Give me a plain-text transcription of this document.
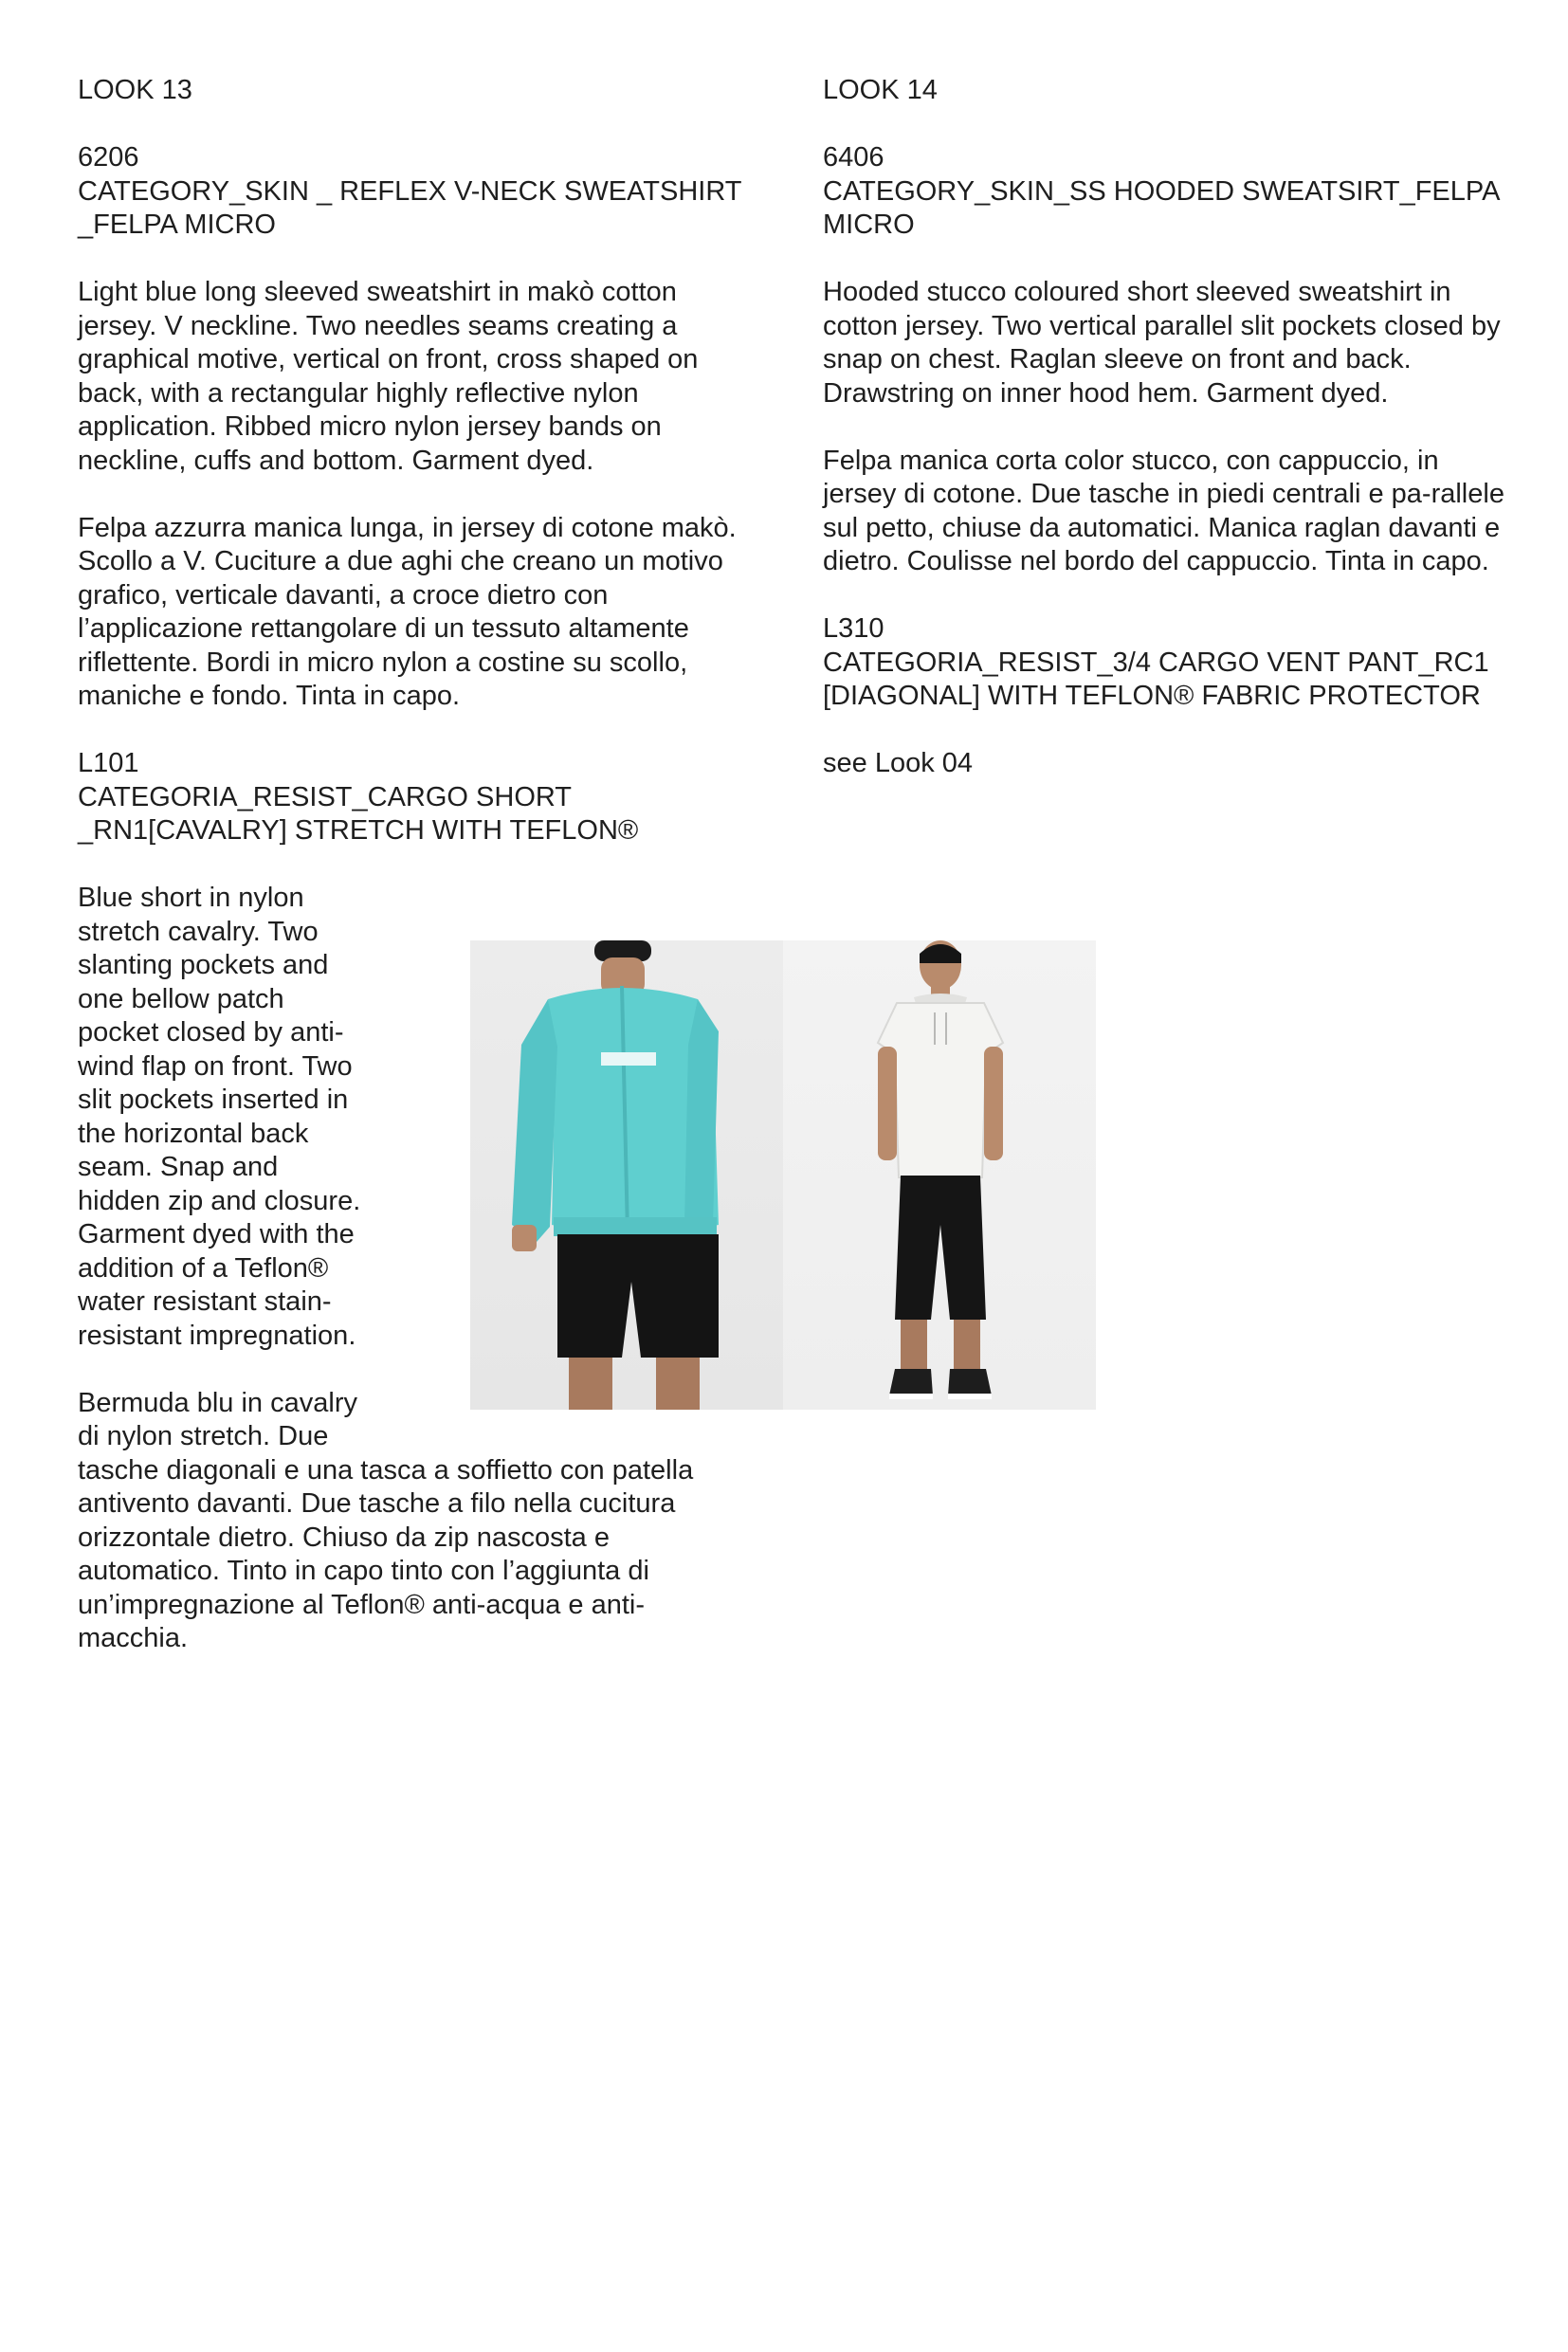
LOOK 13

6206

CATEGORY_SKIN _ REFLEX V-NECK SWEATSHIRT _FELPA MICRO

Light blue long sleeved sweatshirt in makò cotton jersey. V neckline. Two needles seams creating a graphical motive, vertical on front, cross shaped on back, with a rectangular highly reflective nylon application. Ribbed micro nylon jersey bands on neckline, cuffs and bottom. Garment dyed.

Felpa azzurra manica lunga, in jersey di cotone makò. Scollo a V. Cuciture a due aghi che creano un motivo grafico, verticale davanti, a croce dietro con l’applicazione rettangolare di un tessuto altamente riflettente. Bordi in micro nylon a costine su scollo, maniche e fondo. Tinta in capo.

L101

CATEGORIA_RESIST_CARGO SHORT _RN1[CAVALRY] STRETCH WITH TEFLON®

Blue short in nylon stretch cavalry. Two slanting pockets and one bellow patch pocket closed by anti-wind flap on front. Two slit pockets inserted in the horizontal back seam. Snap and hidden zip and closure. Garment dyed with the addition of a Teflon® water resistant stain-resistant impregnation.

Bermuda blu in cavalry di nylon stretch. Due tasche diagonali e una tasca a soffietto con patella antivento davanti. Due tasche a filo nella cucitura orizzontale dietro. Chiuso da zip nascosta e automatico. Tinto in capo tinto con l’aggiunta di un’impregnazione al Teflon® anti-acqua e anti-macchia.

LOOK 14

6406

CATEGORY_SKIN_SS HOODED SWEATSIRT_FELPA MICRO

Hooded stucco coloured short sleeved sweatshirt in cotton jersey. Two vertical parallel slit pockets closed by snap on chest. Raglan sleeve on front and back. Drawstring on inner hood hem. Garment dyed.

Felpa manica corta color stucco, con cappuccio, in jersey di cotone. Due tasche in piedi centrali e pa-rallele sul petto, chiuse da automatici. Manica raglan davanti e dietro. Coulisse nel bordo del cappuccio. Tinta in capo.

L310

CATEGORIA_RESIST_3/4 CARGO VENT PANT_RC1 [DIAGONAL] WITH TEFLON® FABRIC PROTECTOR

see Look 04
